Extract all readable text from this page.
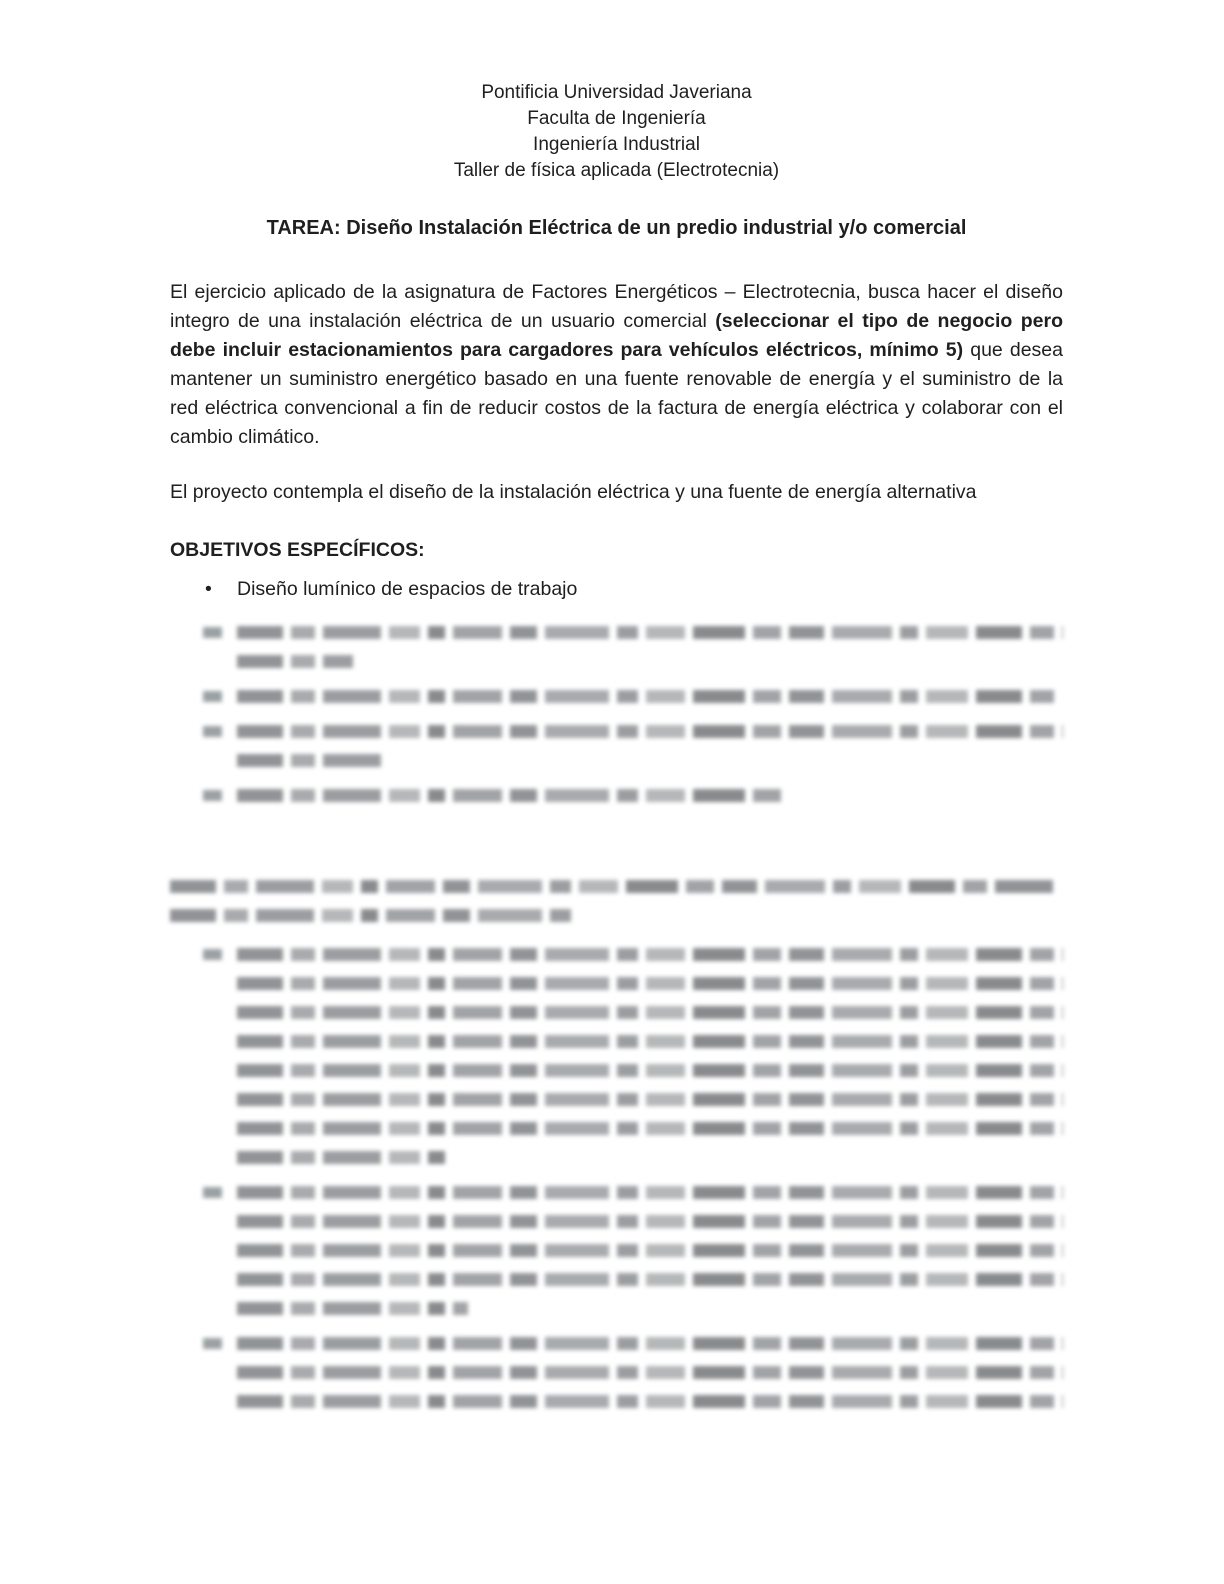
Pontificia Universidad Javeriana
Faculta de Ingeniería
Ingeniería Industrial
Taller de física aplicada (Electrotecnia)
TAREA: Diseño Instalación Eléctrica de un predio industrial y/o comercial

El ejercicio aplicado de la asignatura de Factores Energéticos – Electrotecnia, busca hacer el diseño integro de una instalación eléctrica de un usuario comercial (seleccionar el tipo de negocio pero debe incluir estacionamientos para cargadores para vehículos eléctricos, mínimo 5) que desea mantener un suministro energético basado en una fuente renovable de energía y el suministro de la red eléctrica convencional a fin de reducir costos de la factura de energía eléctrica y colaborar con el cambio climático.

El proyecto contempla el diseño de la instalación eléctrica y una fuente de energía alternativa

OBJETIVOS ESPECÍFICOS:
• Diseño lumínico de espacios de trabajo
